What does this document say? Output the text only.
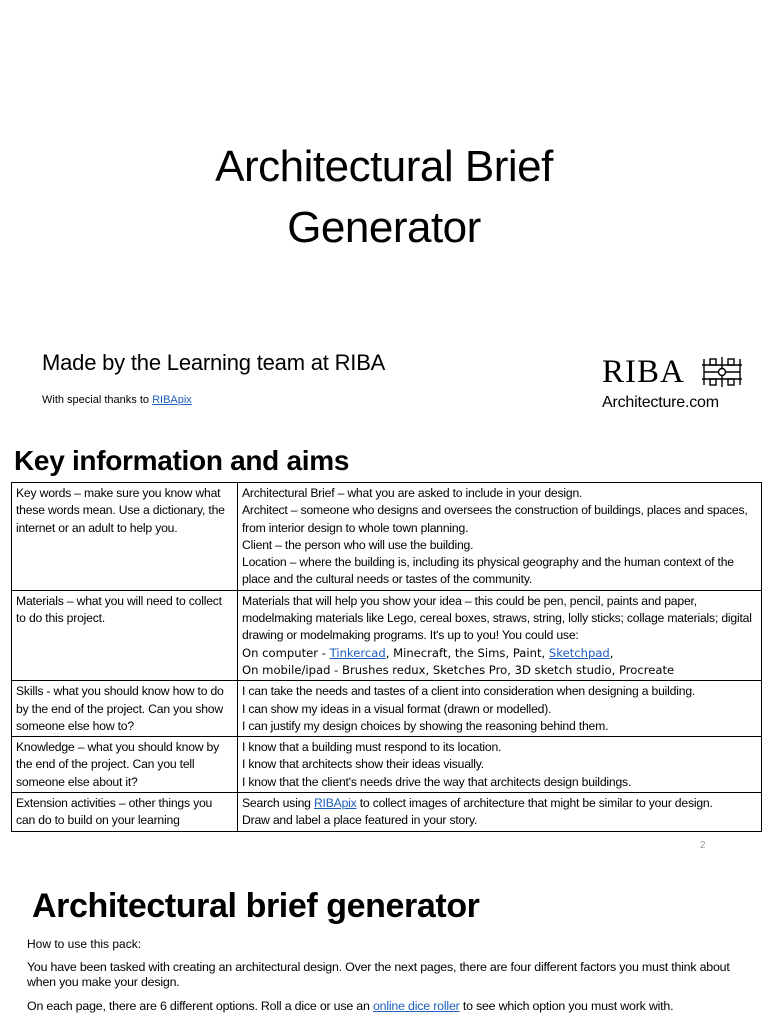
Architectural Brief
Generator
Made by the Learning team at RIBA
With special thanks to RIBApix
RIBA
Architecture.com
Key information and aims
Key words – make sure you know what these words mean. Use a dictionary, the internet or an adult to help you.	Architectural Brief – what you are asked to include in your design.
Architect – someone who designs and oversees the construction of buildings, places and spaces, from interior design to whole town planning.
Client – the person who will use the building.
Location – where the building is, including its physical geography and the human context of the place and the cultural needs or tastes of the community.

Materials – what you will need to collect to do this project.	Materials that will help you show your idea – this could be pen, pencil, paints and paper, modelmaking materials like Lego, cereal boxes, straws, string, lolly sticks; collage materials; digital drawing or modelmaking programs. It's up to you! You could use:
On computer - Tinkercad, Minecraft, the Sims, Paint, Sketchpad,
On mobile/ipad - Brushes redux, Sketches Pro, 3D sketch studio, Procreate

Skills - what you should know how to do by the end of the project. Can you show someone else how to?	I can take the needs and tastes of a client into consideration when designing a building.
I can show my ideas in a visual format (drawn or modelled).
I can justify my design choices by showing the reasoning behind them.

Knowledge – what you should know by the end of the project. Can you tell someone else about it?	I know that a building must respond to its location.
I know that architects show their ideas visually.
I know that the client's needs drive the way that architects design buildings.

Extension activities – other things you can do to build on your learning	Search using RIBApix to collect images of architecture that might be similar to your design.
Draw and label a place featured in your story.
2
Architectural brief generator
How to use this pack:

You have been tasked with creating an architectural design. Over the next pages, there are four different factors you must think about when you make your design.

On each page, there are 6 different options. Roll a dice or use an online dice roller to see which option you must work with.
